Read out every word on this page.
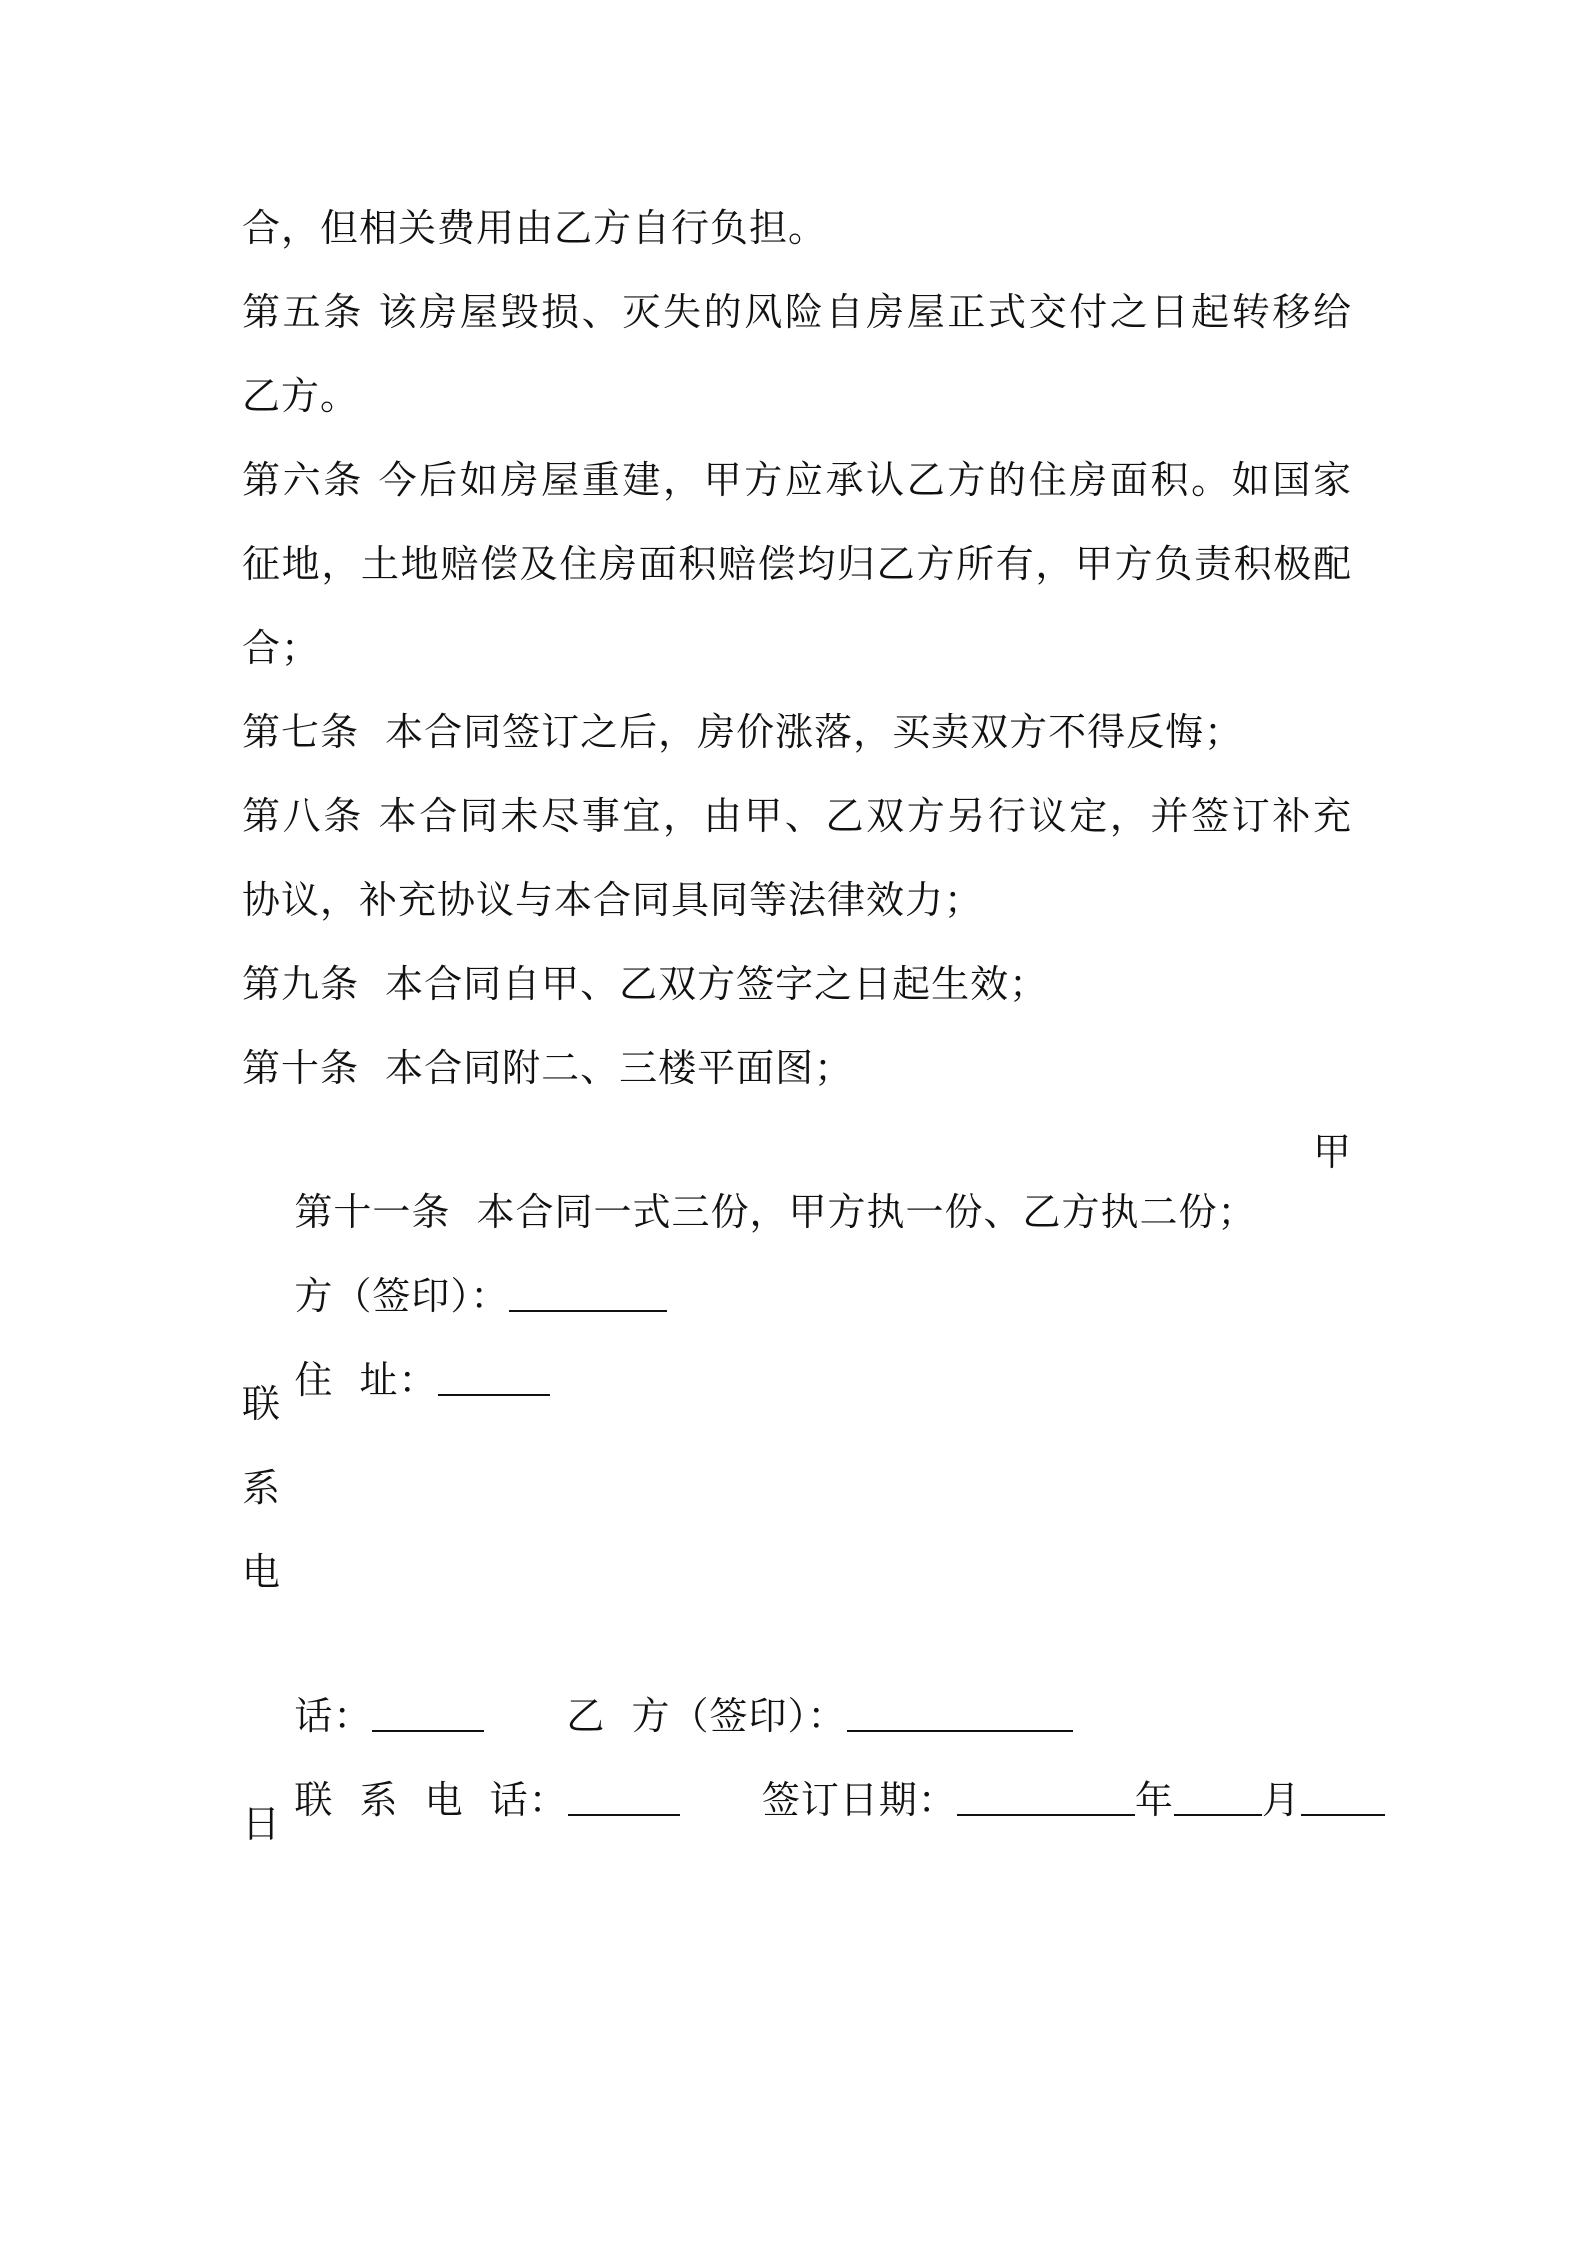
合，但相关费用由乙方自行负担。
第五条 该房屋毁损、灭失的风险自房屋正式交付之日起转移给
乙方。
第六条 今后如房屋重建，甲方应承认乙方的住房面积。如国家
征地，土地赔偿及住房面积赔偿均归乙方所有，甲方负责积极配
合；
第七条  本合同签订之后，房价涨落，买卖双方不得反悔；
第八条 本合同未尽事宜，由甲、乙双方另行议定，并签订补充
协议，补充协议与本合同具同等法律效力；
第九条  本合同自甲、乙双方签字之日起生效；
第十条  本合同附二、三楼平面图；

第十一条  本合同一式三份，甲方执一份、乙方执二份；

甲

方（签印）：

住  址：

联
系
电

话：	乙  方（签印）：

联  系  电  话：	签订日期：	年 月

日
